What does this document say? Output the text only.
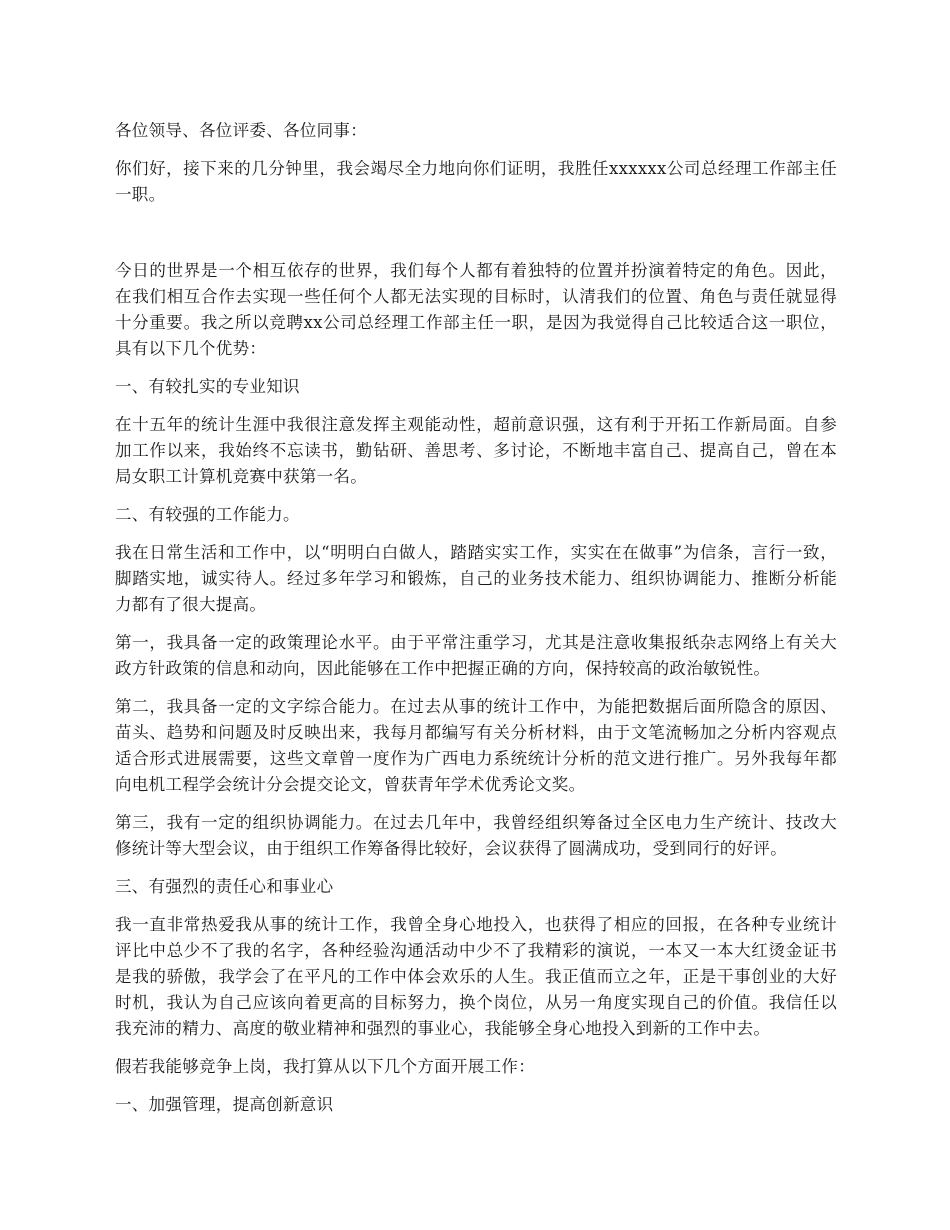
各位领导、各位评委、各位同事：

你们好，接下来的几分钟里，我会竭尽全力地向你们证明，我胜任xxxxxx公司总经理工作部主任一职。

今日的世界是一个相互依存的世界，我们每个人都有着独特的位置并扮演着特定的角色。因此，在我们相互合作去实现一些任何个人都无法实现的目标时，认清我们的位置、角色与责任就显得十分重要。我之所以竞聘xx公司总经理工作部主任一职，是因为我觉得自己比较适合这一职位，具有以下几个优势：

一、有较扎实的专业知识

在十五年的统计生涯中我很注意发挥主观能动性，超前意识强，这有利于开拓工作新局面。自参加工作以来，我始终不忘读书，勤钻研、善思考、多讨论，不断地丰富自己、提高自己，曾在本局女职工计算机竞赛中获第一名。

二、有较强的工作能力。

我在日常生活和工作中，以“明明白白做人，踏踏实实工作，实实在在做事”为信条，言行一致，脚踏实地，诚实待人。经过多年学习和锻炼，自己的业务技术能力、组织协调能力、推断分析能力都有了很大提高。

第一，我具备一定的政策理论水平。由于平常注重学习，尤其是注意收集报纸杂志网络上有关大政方针政策的信息和动向，因此能够在工作中把握正确的方向，保持较高的政治敏锐性。

第二，我具备一定的文字综合能力。在过去从事的统计工作中，为能把数据后面所隐含的原因、苗头、趋势和问题及时反映出来，我每月都编写有关分析材料，由于文笔流畅加之分析内容观点适合形式进展需要，这些文章曾一度作为广西电力系统统计分析的范文进行推广。另外我每年都向电机工程学会统计分会提交论文，曾获青年学术优秀论文奖。

第三，我有一定的组织协调能力。在过去几年中，我曾经组织筹备过全区电力生产统计、技改大修统计等大型会议，由于组织工作筹备得比较好，会议获得了圆满成功，受到同行的好评。

三、有强烈的责任心和事业心

我一直非常热爱我从事的统计工作，我曾全身心地投入，也获得了相应的回报，在各种专业统计评比中总少不了我的名字，各种经验沟通活动中少不了我精彩的演说，一本又一本大红烫金证书是我的骄傲，我学会了在平凡的工作中体会欢乐的人生。我正值而立之年，正是干事创业的大好时机，我认为自己应该向着更高的目标努力，换个岗位，从另一角度实现自己的价值。我信任以我充沛的精力、高度的敬业精神和强烈的事业心，我能够全身心地投入到新的工作中去。

假若我能够竞争上岗，我打算从以下几个方面开展工作：

一、加强管理，提高创新意识
